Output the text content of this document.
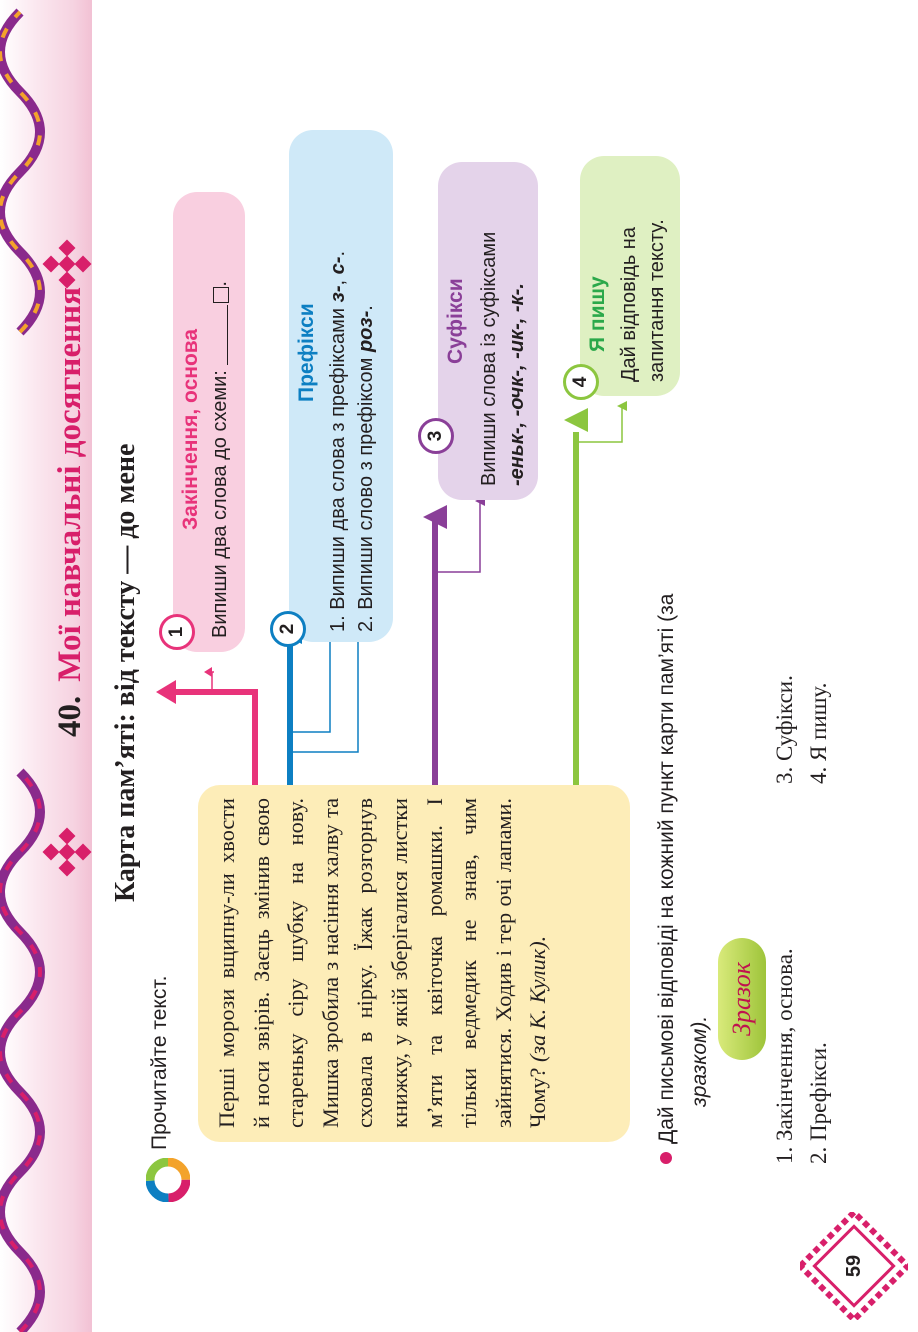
40.Мої навчальні досягнення Карта пам’яті: від тексту — до мене
Прочитайте текст. Перші морози вщипну-ли хвости й носи звірів. Заєць змінив свою стареньку сіру шубку на нову. Мишка зробила з насіння халву та сховала в нірку. Їжак розгорнув книжку, у якій зберігалися листки м’яти та квіточка ромашки. І тільки ведмедик не знав, чим зайнятися. Ходив і тер очі лапами. Чому? (за К. Кулик).
Закінчення, основа Випиши два слова до схеми: .
1
Префікси 1. Випиши два слова з префіксами з-, с-.
2. Випиши слово з префіксом роз-.
2
Суфікси Випиши слова із суфіксами -еньк-, -очк-, -ик-, -к-.
3
Я пишу Дай відповідь на запитання тексту.
4
Дай письмові відповіді на кожний пункт карти пам’яті (за зразком).
Зразок 1. Закінчення, основа. 2. Префікси.
3. Суфікси. 4. Я пишу.
59
